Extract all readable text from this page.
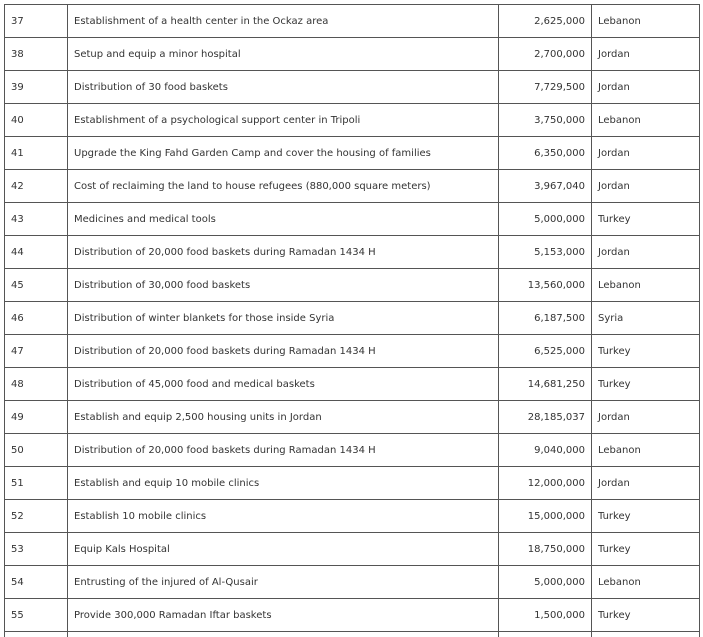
37	Establishment of a health center in the Ockaz area	2,625,000	Lebanon
38	Setup and equip a minor hospital	2,700,000	Jordan
39	Distribution of 30 food baskets	7,729,500	Jordan
40	Establishment of a psychological support center in Tripoli	3,750,000	Lebanon
41	Upgrade the King Fahd Garden Camp and cover the housing of families	6,350,000	Jordan
42	Cost of reclaiming the land to house refugees (880,000 square meters)	3,967,040	Jordan
43	Medicines and medical tools	5,000,000	Turkey
44	Distribution of 20,000 food baskets during Ramadan 1434 H	5,153,000	Jordan
45	Distribution of 30,000 food baskets	13,560,000	Lebanon
46	Distribution of winter blankets for those inside Syria	6,187,500	Syria
47	Distribution of 20,000 food baskets during Ramadan 1434 H	6,525,000	Turkey
48	Distribution of 45,000 food and medical baskets	14,681,250	Turkey
49	Establish and equip 2,500 housing units in Jordan	28,185,037	Jordan
50	Distribution of 20,000 food baskets during Ramadan 1434 H	9,040,000	Lebanon
51	Establish and equip 10 mobile clinics	12,000,000	Jordan
52	Establish 10 mobile clinics	15,000,000	Turkey
53	Equip Kals Hospital	18,750,000	Turkey
54	Entrusting of the injured of Al-Qusair	5,000,000	Lebanon
55	Provide 300,000 Ramadan Iftar baskets	1,500,000	Turkey
